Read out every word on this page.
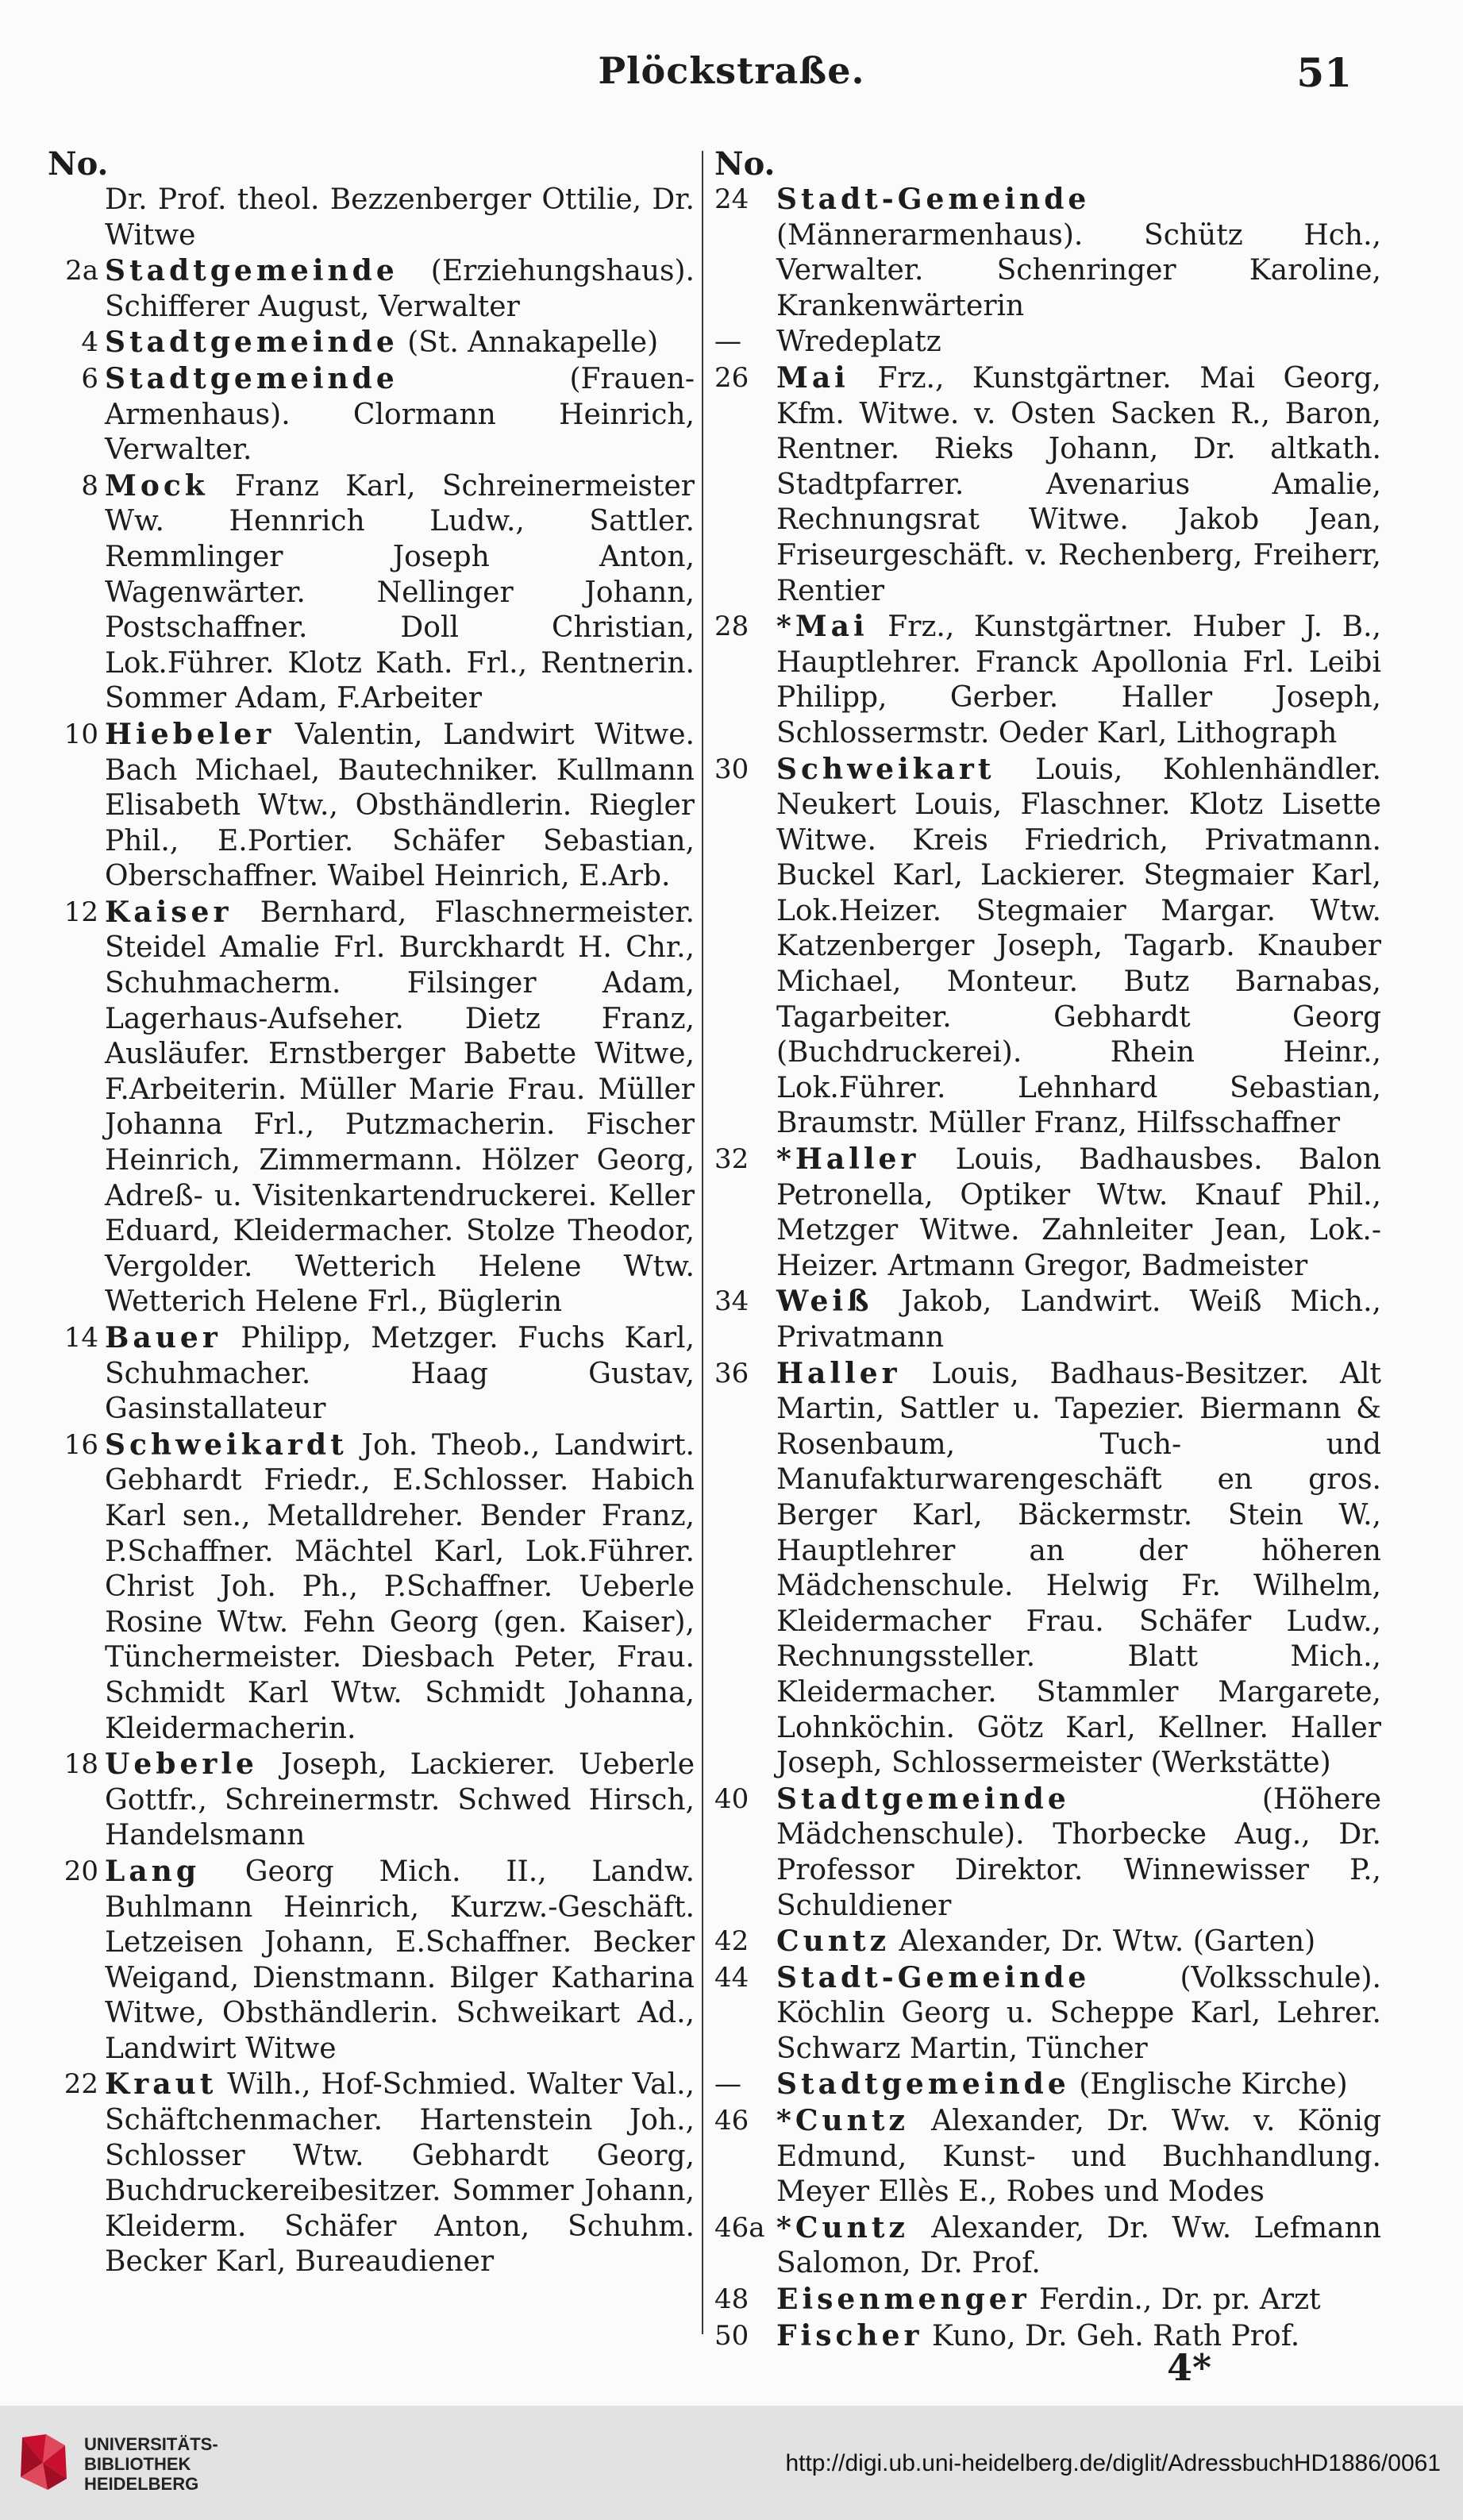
Plöckstraße.	51
No.
Dr. Prof. theol. Bezzenberger Ottilie, Dr. Witwe
2a Stadtgemeinde (Erziehungshaus). Schifferer August, Verwalter
4 Stadtgemeinde (St. Annakapelle)
6 Stadtgemeinde	(Frauen-Armenhaus). Clormann Heinrich, Verwalter.
8 Mock Franz Karl, Schreinermeister Ww. Hennrich Ludw., Sattler. Remmlinger Joseph Anton, Wagenwärter. Nellinger Johann, Postschaffner. Doll Christian, Lok.Führer. Klotz Kath. Frl., Rentnerin. Sommer Adam, F.Arbeiter
10 Hiebeler Valentin, Landwirt Witwe. Bach Michael, Bautechniker. Kullmann Elisabeth Wtw., Obsthändlerin. Riegler Phil., E.Portier. Schäfer Sebastian, Oberschaffner. Waibel Heinrich, E.Arb.
12 Kaiser Bernhard, Flaschnermeister. Steidel Amalie Frl. Burckhardt H. Chr., Schuhmacherm. Filsinger Adam, Lagerhaus-Aufseher. Dietz Franz, Ausläufer. Ernstberger Babette Witwe, F.Arbeiterin. Müller Marie Frau. Müller Johanna Frl., Putzmacherin. Fischer Heinrich, Zimmermann. Hölzer Georg, Adreß- u. Visitenkartendruckerei. Keller Eduard, Kleidermacher. Stolze Theodor, Vergolder. Wetterich Helene Wtw. Wetterich Helene Frl., Büglerin
14 Bauer Philipp, Metzger. Fuchs Karl, Schuhmacher. Haag Gustav, Gasinstallateur
16 Schweikardt Joh. Theob., Landwirt. Gebhardt Friedr., E.Schlosser. Habich Karl sen., Metalldreher. Bender Franz, P.Schaffner. Mächtel Karl, Lok.Führer. Christ Joh. Ph., P.Schaffner. Ueberle Rosine Wtw. Fehn Georg (gen. Kaiser), Tünchermeister. Diesbach Peter, Frau. Schmidt Karl Wtw. Schmidt Johanna, Kleidermacherin.
18 Ueberle Joseph, Lackierer. Ueberle Gottfr., Schreinermstr. Schwed Hirsch, Handelsmann
20 Lang Georg Mich. II., Landw. Buhlmann Heinrich, Kurzw.-Geschäft. Letzeisen Johann, E.Schaffner. Becker Weigand, Dienstmann. Bilger Katharina Witwe, Obsthändlerin. Schweikart Ad., Landwirt Witwe
22 Kraut Wilh., Hof-Schmied. Walter Val., Schäftchenmacher. Hartenstein Joh., Schlosser Wtw. Gebhardt Georg, Buchdruckereibesitzer. Sommer Johann, Kleiderm. Schäfer Anton, Schuhm. Becker Karl, Bureaudiener
No.
24 Stadt-Gemeinde (Männerarmenhaus). Schütz Hch., Verwalter. Schenringer Karoline, Krankenwärterin
—	Wredeplatz
26 Mai Frz., Kunstgärtner. Mai Georg, Kfm. Witwe. v. Osten Sacken R., Baron, Rentner. Rieks Johann, Dr. altkath. Stadtpfarrer. Avenarius Amalie, Rechnungsrat Witwe. Jakob Jean, Friseurgeschäft. v. Rechenberg, Freiherr, Rentier
28 *Mai Frz., Kunstgärtner. Huber J. B., Hauptlehrer. Franck Apollonia Frl. Leibi Philipp, Gerber. Haller Joseph, Schlossermstr. Oeder Karl, Lithograph
30 Schweikart Louis, Kohlenhändler. Neukert Louis, Flaschner. Klotz Lisette Witwe. Kreis Friedrich, Privatmann. Buckel Karl, Lackierer. Stegmaier Karl, Lok.Heizer. Stegmaier Margar. Wtw. Katzenberger Joseph, Tagarb. Knauber Michael, Monteur. Butz Barnabas, Tagarbeiter. Gebhardt Georg (Buchdruckerei). Rhein Heinr., Lok.Führer. Lehnhard Sebastian, Braumstr. Müller Franz, Hilfsschaffner
32 *Haller Louis, Badhausbes. Balon Petronella, Optiker Wtw. Knauf Phil., Metzger Witwe. Zahnleiter Jean, Lok.-Heizer. Artmann Gregor, Badmeister
34 Weiß Jakob, Landwirt. Weiß Mich., Privatmann
36 Haller Louis, Badhaus-Besitzer. Alt Martin, Sattler u. Tapezier. Biermann & Rosenbaum, Tuch- und Manufakturwarengeschäft en gros. Berger Karl, Bäckermstr. Stein W., Hauptlehrer an der höheren Mädchenschule. Helwig Fr. Wilhelm, Kleidermacher Frau. Schäfer Ludw., Rechnungssteller. Blatt Mich., Kleidermacher. Stammler Margarete, Lohnköchin. Götz Karl, Kellner. Haller Joseph, Schlossermeister (Werkstätte)
40 Stadtgemeinde	(Höhere Mädchenschule). Thorbecke Aug., Dr. Professor Direktor. Winnewisser P., Schuldiener
42 Cuntz Alexander, Dr. Wtw. (Garten)
44 Stadt-Gemeinde	(Volksschule). Köchlin Georg u. Scheppe Karl, Lehrer. Schwarz Martin, Tüncher
—	Stadtgemeinde (Englische Kirche)
46 *Cuntz Alexander, Dr. Ww. v. König Edmund, Kunst- und Buchhandlung. Meyer Ellès E., Robes und Modes
46a *Cuntz Alexander, Dr. Ww. Lefmann Salomon, Dr. Prof.
48 Eisenmenger Ferdin., Dr. pr. Arzt
50 Fischer Kuno, Dr. Geh. Rath Prof.
4*
UNIVERSITÄTS-
BIBLIOTHEK
HEIDELBERG
http://digi.ub.uni-heidelberg.de/diglit/AdressbuchHD1886/0061
